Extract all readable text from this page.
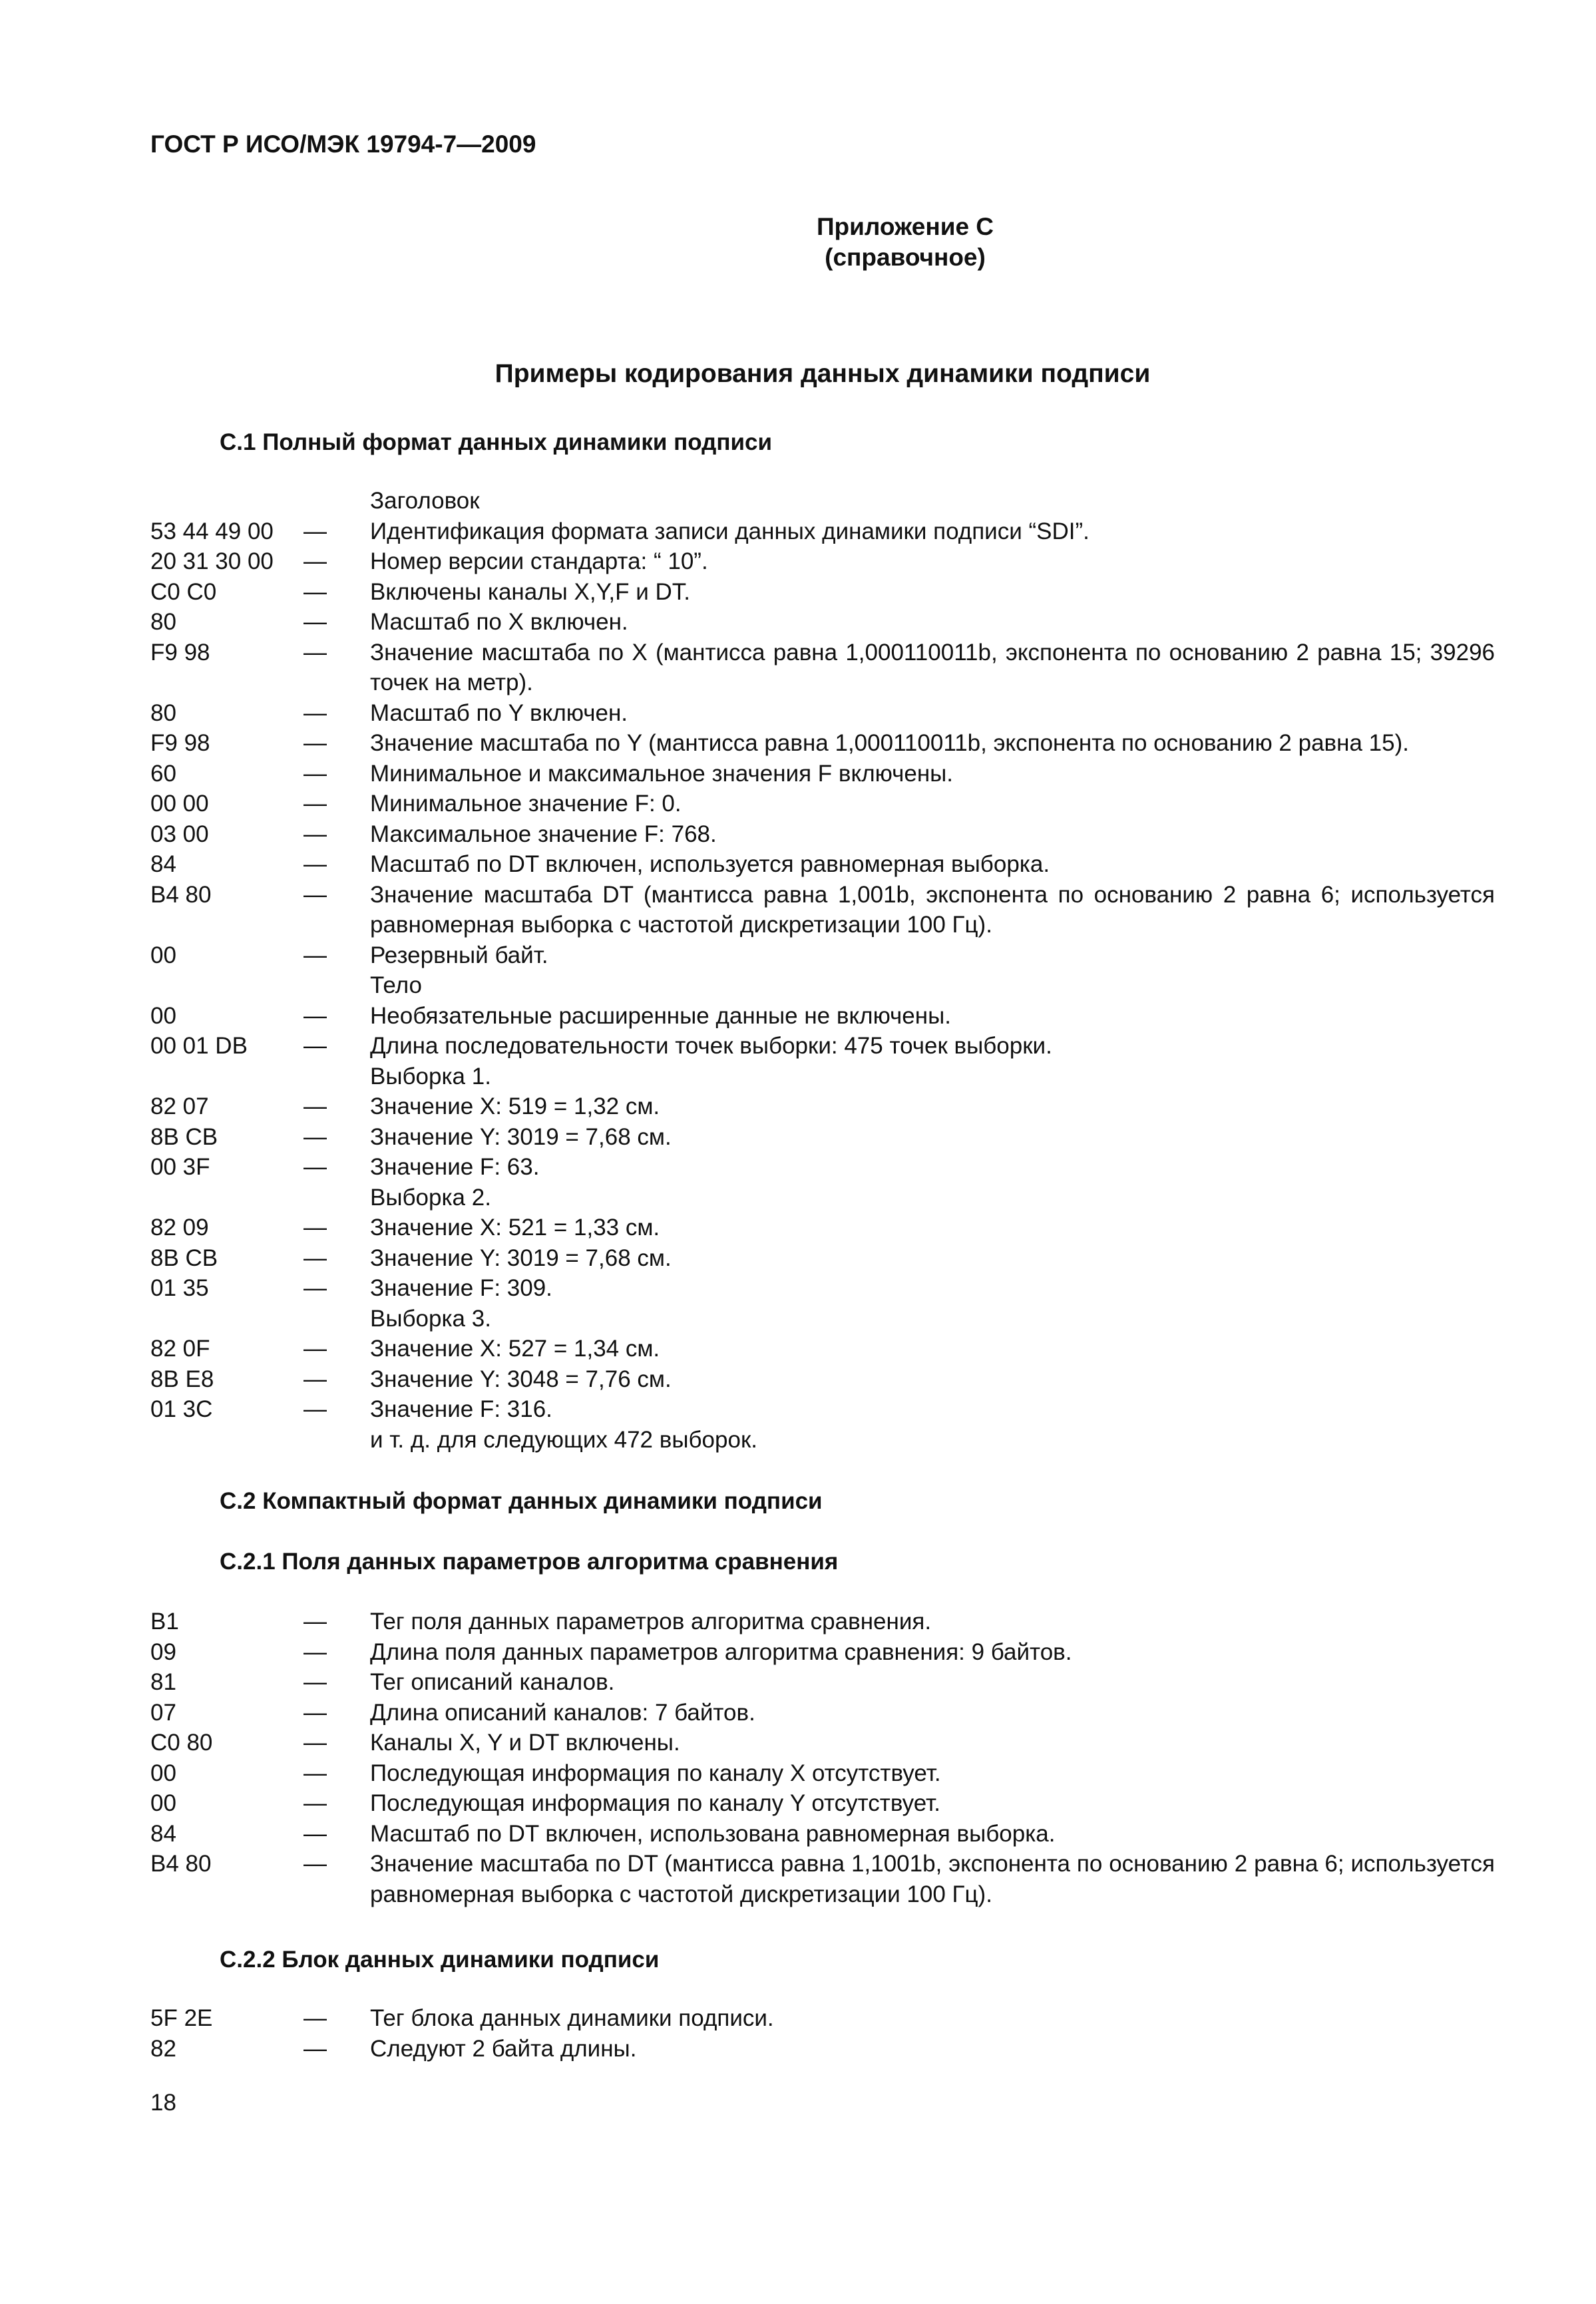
ГОСТ Р ИСО/МЭК 19794-7—2009
Приложение С
(справочное)
Примеры кодирования данных динамики подписи
С.1 Полный формат данных динамики подписи
Заголовок
53 44 49 00	—	Идентификация формата записи данных динамики подписи “SDI”.
20 31 30 00	—	Номер версии стандарта: “ 10”.
C0 C0	—	Включены каналы X,Y,F и DT.
80	—	Масштаб по X включен.
F9 98	—	Значение масштаба по X (мантисса равна 1,000110011b, экспонента по основанию 2 равна 15; 39296 точек на метр).
80	—	Масштаб по Y включен.
F9 98	—	Значение масштаба по Y (мантисса равна 1,000110011b, экспонента по основанию 2 равна 15).
60	—	Минимальное и максимальное значения F включены.
00 00	—	Минимальное значение F: 0.
03 00	—	Максимальное значение F: 768.
84	—	Масштаб по DT включен, используется равномерная выборка.
B4 80	—	Значение масштаба DT (мантисса равна 1,001b, экспонента по основанию 2 равна 6; используется равномерная выборка с частотой дискретизации 100 Гц).
00	—	Резервный байт.
Тело
00	—	Необязательные расширенные данные не включены.
00 01 DB	—	Длина последовательности точек выборки: 475 точек выборки.
Выборка 1.
82 07	—	Значение X: 519 = 1,32 см.
8B CB	—	Значение Y: 3019 = 7,68 см.
00 3F	—	Значение F: 63.
Выборка 2.
82 09	—	Значение X: 521 = 1,33 см.
8B CB	—	Значение Y: 3019 = 7,68 см.
01 35	—	Значение F: 309.
Выборка 3.
82 0F	—	Значение X: 527 = 1,34 см.
8B E8	—	Значение Y: 3048 = 7,76 см.
01 3C	—	Значение F: 316.
и т. д. для следующих 472 выборок.
С.2 Компактный формат данных динамики подписи
С.2.1 Поля данных параметров алгоритма сравнения
B1	—	Тег поля данных параметров алгоритма сравнения.
09	—	Длина поля данных параметров алгоритма сравнения: 9 байтов.
81	—	Тег описаний каналов.
07	—	Длина описаний каналов: 7 байтов.
C0 80	—	Каналы X, Y и DT включены.
00	—	Последующая информация по каналу X отсутствует.
00	—	Последующая информация по каналу Y отсутствует.
84	—	Масштаб по DT включен, использована равномерная выборка.
B4 80	—	Значение масштаба по DT (мантисса равна 1,1001b, экспонента по основанию 2 равна 6; используется равномерная выборка с частотой дискретизации 100 Гц).
С.2.2 Блок данных динамики подписи
5F 2E	—	Тег блока данных динамики подписи.
82	—	Следуют 2 байта длины.
18
